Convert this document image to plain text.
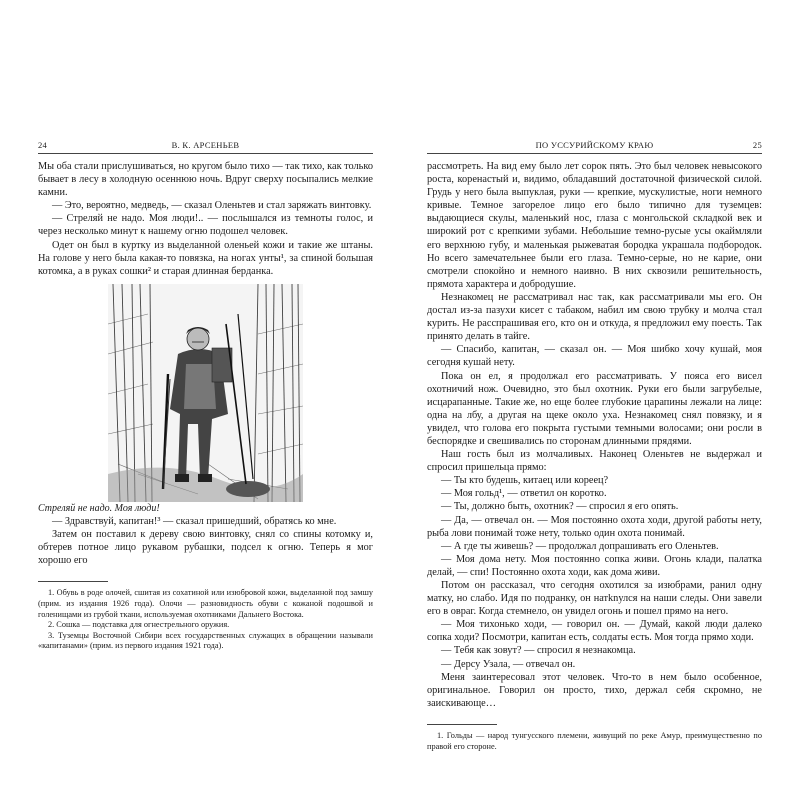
24	В. К. АРСЕНЬЕВ

Мы оба стали прислушиваться, но кругом было тихо — так тихо, как только бывает в лесу в холодную осеннюю ночь. Вдруг сверху посыпались мелкие камни.

— Это, вероятно, медведь, — сказал Оленьтев и стал заряжать винтовку.

— Стреляй не надо. Моя люди!.. — послышался из темноты голос, и через несколько минут к нашему огню подошел человек.

Одет он был в куртку из выделанной оленьей кожи и такие же штаны. На голове у него была какая-то повязка, на ногах унты¹, за спиной большая котомка, а в руках сошки² и старая длинная берданка.

Стреляй не надо. Моя люди!

— Здравствуй, капитан!³ — сказал пришедший, обратясь ко мне.

Затем он поставил к дереву свою винтовку, снял со спины котомку и, обтерев потное лицо рукавом рубашки, подсел к огню. Теперь я мог хорошо его

1. Обувь в роде олочей, сшитая из сохатиной или изюбровой кожи, выделанной под замшу (прим. из издания 1926 года). Олочи — разновидность обуви с кожаной подошвой и голенищами из грубой ткани, используемая охотниками Дальнего Востока.

2. Сошка — подставка для огнестрельного оружия.

3. Туземцы Восточной Сибири всех государственных служащих в обращении называли «капитанами» (прим. из первого издания 1921 года).

ПО УССУРИЙСКОМУ КРАЮ	25

рассмотреть. На вид ему было лет сорок пять. Это был человек невысокого роста, коренастый и, видимо, обладавший достаточной физической силой. Грудь у него была выпуклая, руки — крепкие, мускулистые, ноги немного кривые. Темное загорелое лицо его было типично для туземцев: выдающиеся скулы, маленький нос, глаза с монгольской складкой век и широкий рот с крепкими зубами. Небольшие темно-русые усы окаймляли его верхнюю губу, и маленькая рыжеватая бородка украшала подбородок. Но всего замечательнее были его глаза. Темно-серые, но не карие, они смотрели спокойно и немного наивно. В них сквозили решительность, прямота характера и добродушие.

Незнакомец не рассматривал нас так, как рассматривали мы его. Он достал из-за пазухи кисет с табаком, набил им свою трубку и молча стал курить. Не расспрашивая его, кто он и откуда, я предложил ему поесть. Так принято делать в тайге.

— Спасибо, капитан, — сказал он. — Моя шибко хочу кушай, моя сегодня кушай нету.

Пока он ел, я продолжал его рассматривать. У пояса его висел охотничий нож. Очевидно, это был охотник. Руки его были загрубелые, исцарапанные. Такие же, но еще более глубокие царапины лежали на лице: одна на лбу, а другая на щеке около уха. Незнакомец снял повязку, и я увидел, что голова его покрыта густыми темными волосами; они росли в беспорядке и свешивались по сторонам длинными прядями.

Наш гость был из молчаливых. Наконец Оленьтев не выдержал и спросил пришельца прямо:

— Ты кто будешь, китаец или кореец?

— Моя гольд¹, — ответил он коротко.

— Ты, должно быть, охотник? — спросил я его опять.

— Да, — отвечал он. — Моя постоянно охота ходи, другой работы нету, рыба лови понимай тоже нету, только один охота понимай.

— А где ты живешь? — продолжал допрашивать его Оленьтев.

— Моя дома нету. Моя постоянно сопка живи. Огонь клади, палатка делай, — спи! Постоянно охота ходи, как дома живи.

Потом он рассказал, что сегодня охотился за изюбрами, ранил одну матку, но слабо. Идя по подранку, он натknулся на наши следы. Они завели его в овраг. Когда стемнело, он увидел огонь и пошел прямо на него.

— Моя тихонько ходи, — говорил он. — Думай, какой люди далеко сопка ходи? Посмотри, капитан есть, солдаты есть. Моя тогда прямо ходи.

— Тебя как зовут? — спросил я незнакомца.

— Дерсу Узала, — отвечал он.

Меня заинтересовал этот человек. Что-то в нем было особенное, оригинальное. Говорил он просто, тихо, держал себя скромно, не заискивающе…

1. Гольды — народ тунгусского племени, живущий по реке Амур, преимущественно по правой его стороне.
